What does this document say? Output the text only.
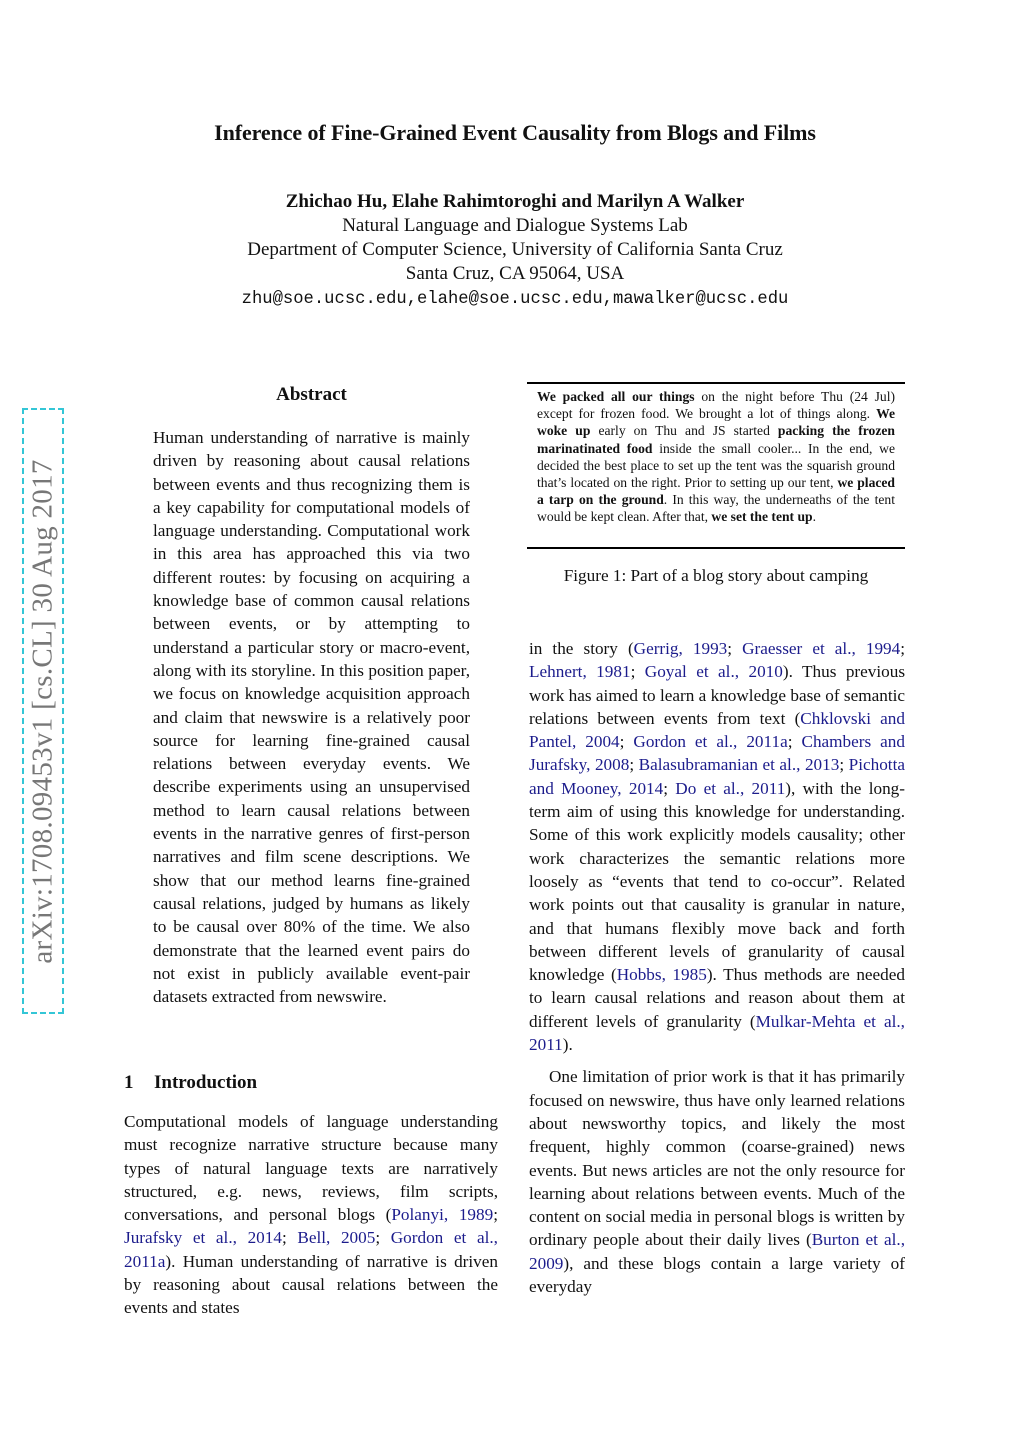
arXiv:1708.09453v1 [cs.CL] 30 Aug 2017
Inference of Fine-Grained Event Causality from Blogs and Films
Zhichao Hu, Elahe Rahimtoroghi and Marilyn A Walker
Natural Language and Dialogue Systems Lab
Department of Computer Science, University of California Santa Cruz
Santa Cruz, CA 95064, USA
zhu@soe.ucsc.edu,elahe@soe.ucsc.edu,mawalker@ucsc.edu
Abstract

Human understanding of narrative is mainly driven by reasoning about causal relations between events and thus recognizing them is a key capability for computational models of language understanding. Computational work in this area has approached this via two different routes: by focusing on acquiring a knowledge base of common causal relations between events, or by attempting to understand a particular story or macro-event, along with its storyline. In this position paper, we focus on knowledge acquisition approach and claim that newswire is a relatively poor source for learning fine-grained causal relations between everyday events. We describe experiments using an unsupervised method to learn causal relations between events in the narrative genres of first-person narratives and film scene descriptions. We show that our method learns fine-grained causal relations, judged by humans as likely to be causal over 80% of the time. We also demonstrate that the learned event pairs do not exist in publicly available event-pair datasets extracted from newswire.

1	Introduction

Computational models of language understanding must recognize narrative structure because many types of natural language texts are narratively structured, e.g. news, reviews, film scripts, conversations, and personal blogs (Polanyi, 1989; Jurafsky et al., 2014; Bell, 2005; Gordon et al., 2011a). Human understanding of narrative is driven by reasoning about causal relations between the events and states

We packed all our things on the night before Thu (24 Jul) except for frozen food. We brought a lot of things along. We woke up early on Thu and JS started packing the frozen marinatinated food inside the small cooler... In the end, we decided the best place to set up the tent was the squarish ground that’s located on the right. Prior to setting up our tent, we placed a tarp on the ground. In this way, the underneaths of the tent would be kept clean. After that, we set the tent up.

Figure 1: Part of a blog story about camping

in the story (Gerrig, 1993; Graesser et al., 1994; Lehnert, 1981; Goyal et al., 2010). Thus previous work has aimed to learn a knowledge base of semantic relations between events from text (Chklovski and Pantel, 2004; Gordon et al., 2011a; Chambers and Jurafsky, 2008; Balasubramanian et al., 2013; Pichotta and Mooney, 2014; Do et al., 2011), with the long-term aim of using this knowledge for understanding. Some of this work explicitly models causality; other work characterizes the semantic relations more loosely as “events that tend to co-occur”. Related work points out that causality is granular in nature, and that humans flexibly move back and forth between different levels of granularity of causal knowledge (Hobbs, 1985). Thus methods are needed to learn causal relations and reason about them at different levels of granularity (Mulkar-Mehta et al., 2011).

One limitation of prior work is that it has primarily focused on newswire, thus have only learned relations about newsworthy topics, and likely the most frequent, highly common (coarse-grained) news events. But news articles are not the only resource for learning about relations between events. Much of the content on social media in personal blogs is written by ordinary people about their daily lives (Burton et al., 2009), and these blogs contain a large variety of everyday
